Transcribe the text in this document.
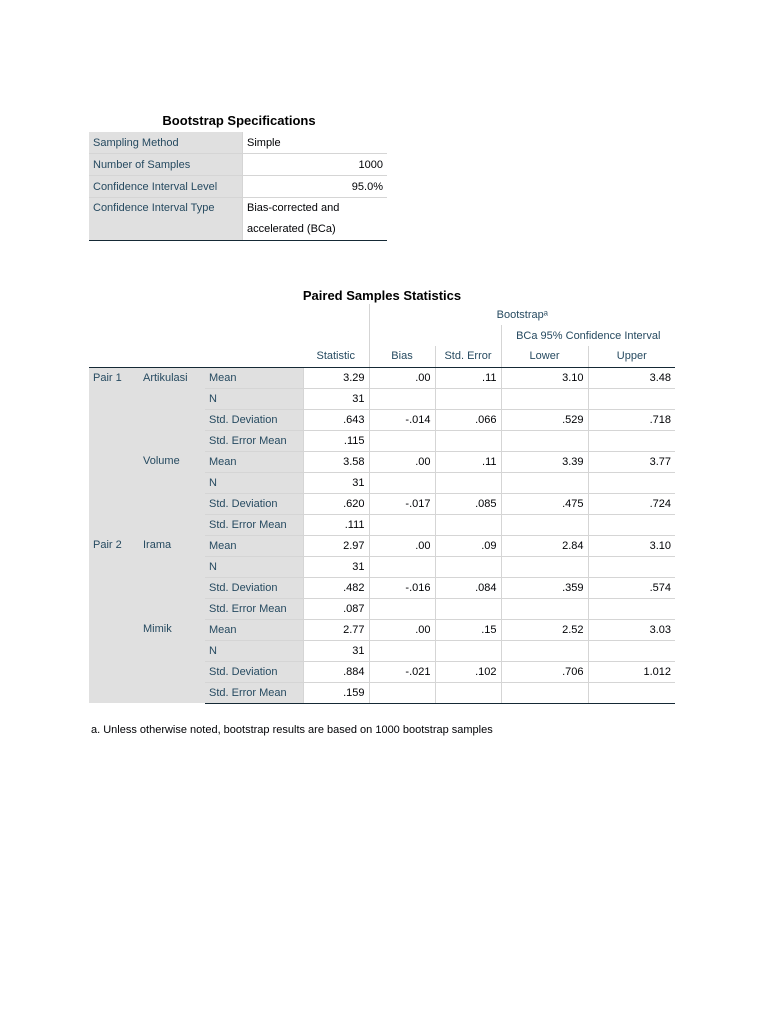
Bootstrap Specifications
Sampling Method	Simple
Number of Samples	1000
Confidence Interval Level	95.0%
Confidence Interval Type	Bias-corrected and
accelerated (BCa)
Paired Samples Statistics
				Bootstrapᵃ			
						BCa 95% Confidence Interval	
			Statistic	Bias	Std. Error	Lower	Upper
Pair 1	Artikulasi	Mean	3.29	.00	.11	3.10	3.48
		N	31				
		Std. Deviation	.643	-.014	.066	.529	.718
		Std. Error Mean	.115				
	Volume	Mean	3.58	.00	.11	3.39	3.77
		N	31				
		Std. Deviation	.620	-.017	.085	.475	.724
		Std. Error Mean	.111				
Pair 2	Irama	Mean	2.97	.00	.09	2.84	3.10
		N	31				
		Std. Deviation	.482	-.016	.084	.359	.574
		Std. Error Mean	.087				
	Mimik	Mean	2.77	.00	.15	2.52	3.03
		N	31				
		Std. Deviation	.884	-.021	.102	.706	1.012
		Std. Error Mean	.159				
a. Unless otherwise noted, bootstrap results are based on 1000 bootstrap samples
